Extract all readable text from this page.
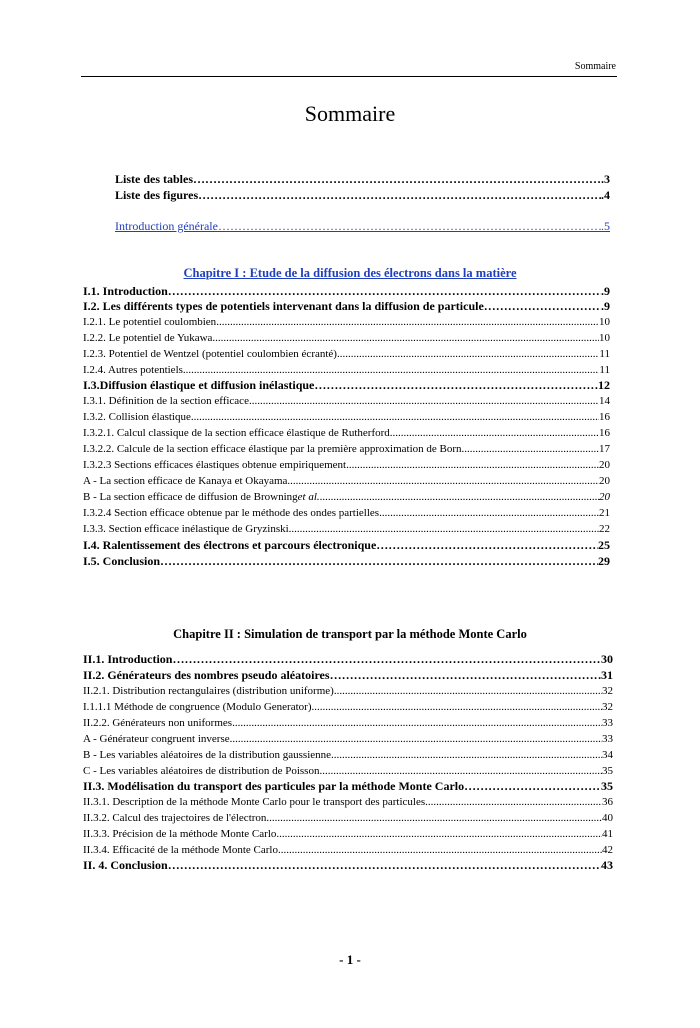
Sommaire
Sommaire
Liste des tables ……………………………………………………………………………………………………………………………………………………………………………………………………	.3
Liste des figures ……………………………………………………………………………………………………………………………………………………………………………………………………	.4
Introduction générale ……………………………………………………………………………………………………………………………………………………………………………………………………	.5
Chapitre I : Etude de la diffusion des électrons dans la matière
I.1. Introduction ……………………………………………………………………………………………………………………………………………………………………………………………………	.9
I.2. Les différents types de potentiels intervenant dans la diffusion de particule ……………………………………………………………………………………………………………………………………………………………………………………………………	.9
I.2.1. Le potentiel coulombien .....	10
I.2.2. Le potentiel de Yukawa .....	10
I.2.3. Potentiel de Wentzel (potentiel coulombien écranté) .....	11
I.2.4. Autres potentiels .....	11
I.3.Diffusion élastique et diffusion inélastique ……………………………………………………………………………………………………………………………………………………………………………………………………	12
I.3.1. Définition de la section efficace .....	14
I.3.2. Collision élastique .....	16
I.3.2.1. Calcul classique de la section efficace élastique de Rutherford .....	16
I.3.2.2. Calcule de la section efficace élastique par la première approximation de Born .....	17
I.3.2.3 Sections efficaces élastiques obtenue empiriquement .....	20
A - La section efficace de Kanaya et Okayama .....	20
B - La section efficace de diffusion de Browning et al. .....	20
I.3.2.4 Section efficace obtenue par le méthode des ondes partielles .....	21
I.3.3. Section efficace inélastique de Gryzinski .....	22
I.4. Ralentissement des électrons et parcours électronique ……………………………………………………………………………………………………………………………………………………………………………………………………	25
I.5. Conclusion ……………………………………………………………………………………………………………………………………………………………………………………………………	29
Chapitre II : Simulation de transport par la méthode Monte Carlo
II.1. Introduction ……………………………………………………………………………………………………………………………………………………………………………………………………	30
II.2. Générateurs des nombres pseudo aléatoires ……………………………………………………………………………………………………………………………………………………………………………………………………	31
II.2.1. Distribution rectangulaires (distribution uniforme) .....	32
I.1.1.1 Méthode de congruence (Modulo Generator) .....	32
II.2.2. Générateurs non uniformes .....	33
A - Générateur congruent inverse .....	33
B - Les variables aléatoires de la distribution gaussienne .....	34
C - Les variables aléatoires de distribution de Poisson .....	35
II.3. Modélisation du transport des particules par la méthode Monte Carlo ……………………………………………………………………………………………………………………………………………………………………………………………………	35
II.3.1. Description de la méthode Monte Carlo pour le transport des particules .....	36
II.3.2. Calcul des trajectoires de l'électron .....	40
II.3.3. Précision de la méthode Monte Carlo .....	41
II.3.4. Efficacité de la méthode Monte Carlo .....	42
II. 4. Conclusion ……………………………………………………………………………………………………………………………………………………………………………………………………	43
- 1 -
